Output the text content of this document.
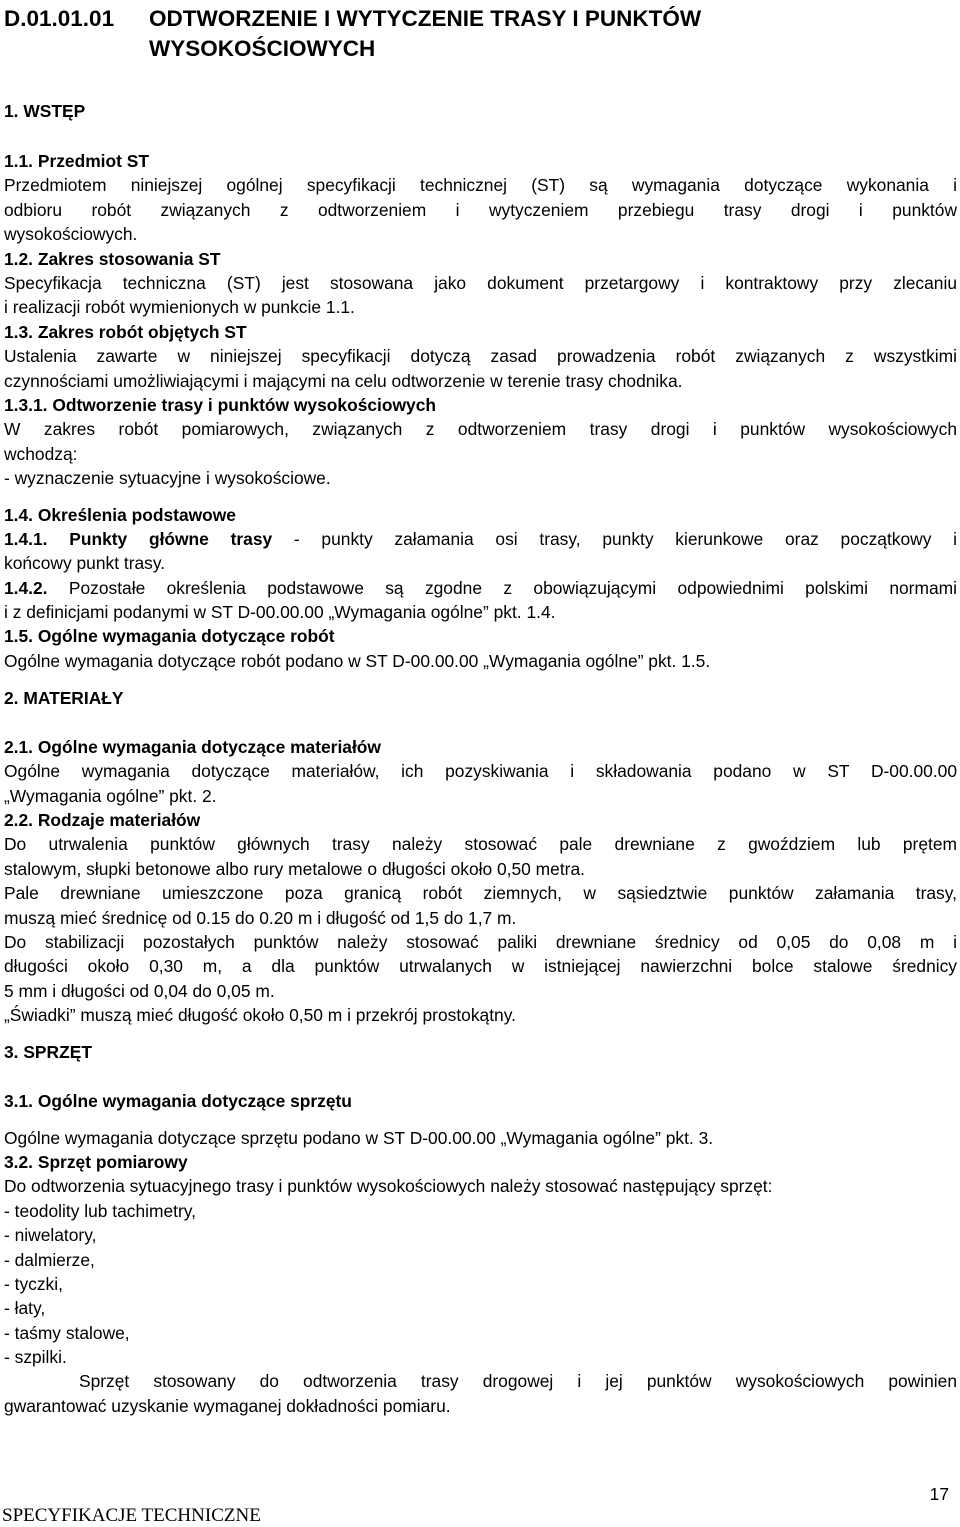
D.01.01.01 ODTWORZENIE I WYTYCZENIE TRASY I PUNKTÓW
WYSOKOŚCIOWYCH
1. WSTĘP
1.1. Przedmiot ST
Przedmiotem niniejszej ogólnej specyfikacji technicznej (ST) są wymagania dotyczące wykonania i
odbioru robót związanych z odtworzeniem i wytyczeniem przebiegu trasy drogi i punktów
wysokościowych.
1.2. Zakres stosowania ST
Specyfikacja techniczna (ST) jest stosowana jako dokument przetargowy i kontraktowy przy zlecaniu
i realizacji robót wymienionych w punkcie 1.1.
1.3. Zakres robót objętych ST
Ustalenia zawarte w niniejszej specyfikacji dotyczą zasad prowadzenia robót związanych z wszystkimi
czynnościami umożliwiającymi i mającymi na celu odtworzenie w terenie trasy chodnika.
1.3.1. Odtworzenie trasy i punktów wysokościowych
W zakres robót pomiarowych, związanych z odtworzeniem trasy drogi i punktów wysokościowych
wchodzą:
- wyznaczenie sytuacyjne i wysokościowe.
1.4. Określenia podstawowe
1.4.1. Punkty główne trasy - punkty załamania osi trasy, punkty kierunkowe oraz początkowy i
końcowy punkt trasy.
1.4.2. Pozostałe określenia podstawowe są zgodne z obowiązującymi odpowiednimi polskimi normami
i z definicjami podanymi w ST D-00.00.00 „Wymagania ogólne” pkt. 1.4.
1.5. Ogólne wymagania dotyczące robót
Ogólne wymagania dotyczące robót podano w ST D-00.00.00 „Wymagania ogólne” pkt. 1.5.
2. MATERIAŁY
2.1. Ogólne wymagania dotyczące materiałów
Ogólne wymagania dotyczące materiałów, ich pozyskiwania i składowania podano w ST D-00.00.00
„Wymagania ogólne” pkt. 2.
2.2. Rodzaje materiałów
Do utrwalenia punktów głównych trasy należy stosować pale drewniane z gwoździem lub prętem
stalowym, słupki betonowe albo rury metalowe o długości około 0,50 metra.
Pale drewniane umieszczone poza granicą robót ziemnych, w sąsiedztwie punktów załamania trasy,
muszą mieć średnicę od 0.15 do 0.20 m i długość od 1,5 do 1,7 m.
Do stabilizacji pozostałych punktów należy stosować paliki drewniane średnicy od 0,05 do 0,08 m i
długości około 0,30 m, a dla punktów utrwalanych w istniejącej nawierzchni bolce stalowe średnicy
5 mm i długości od 0,04 do 0,05 m.
„Świadki” muszą mieć długość około 0,50 m i przekrój prostokątny.
3. SPRZĘT
3.1. Ogólne wymagania dotyczące sprzętu
Ogólne wymagania dotyczące sprzętu podano w ST D-00.00.00 „Wymagania ogólne” pkt. 3.
3.2. Sprzęt pomiarowy
Do odtworzenia sytuacyjnego trasy i punktów wysokościowych należy stosować następujący sprzęt:
- teodolity lub tachimetry,
- niwelatory,
- dalmierze,
- tyczki,
- łaty,
- taśmy stalowe,
- szpilki.
Sprzęt stosowany do odtworzenia trasy drogowej i jej punktów wysokościowych powinien
gwarantować uzyskanie wymaganej dokładności pomiaru.
17
SPECYFIKACJE TECHNICZNE
